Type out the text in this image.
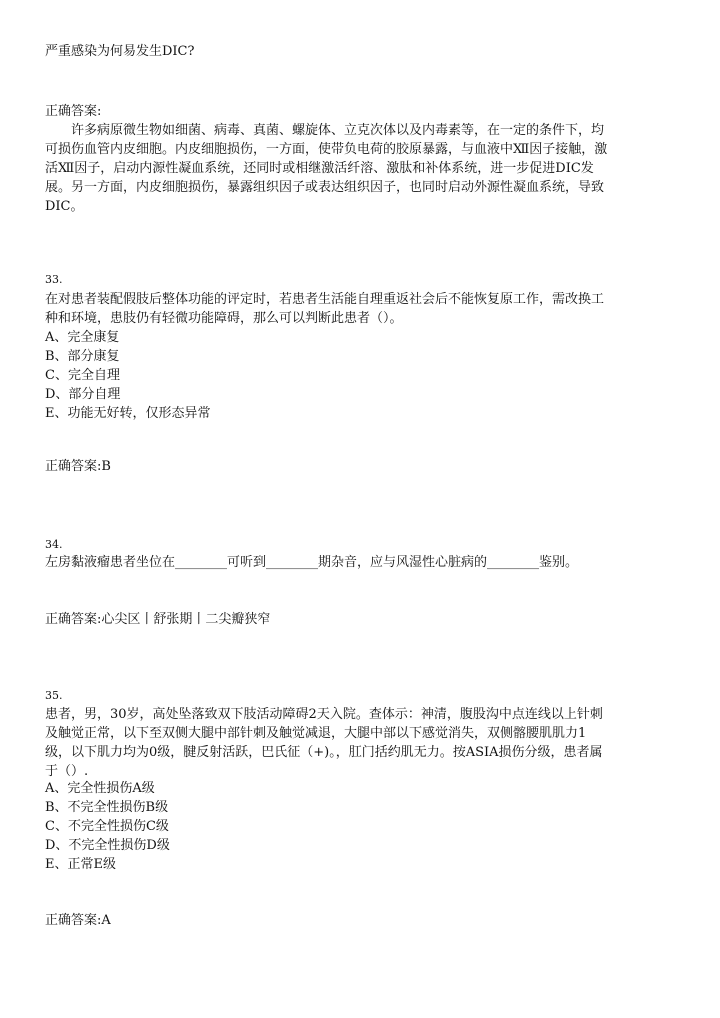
严重感染为何易发生DIC?

正确答案:

许多病原微生物如细菌、病毒、真菌、螺旋体、立克次体以及内毒素等，在一定的条件下，均
可损伤血管内皮细胞。内皮细胞损伤，一方面，使带负电荷的胶原暴露，与血液中Ⅻ因子接触，激
活Ⅻ因子，启动内源性凝血系统，还同时或相继激活纤溶、激肽和补体系统，进一步促进DIC发
展。另一方面，内皮细胞损伤，暴露组织因子或表达组织因子，也同时启动外源性凝血系统，导致
DIC。

33.

在对患者装配假肢后整体功能的评定时，若患者生活能自理重返社会后不能恢复原工作，需改换工
种和环境，患肢仍有轻微功能障碍，那么可以判断此患者（）。
A、完全康复
B、部分康复
C、完全自理
D、部分自理
E、功能无好转，仅形态异常

正确答案:B

34.

左房黏液瘤患者坐位在________可听到________期杂音，应与风湿性心脏病的________鉴别。

正确答案:心尖区丨舒张期丨二尖瓣狭窄

35.

患者，男，30岁，高处坠落致双下肢活动障碍2天入院。查体示：神清，腹股沟中点连线以上针刺
及触觉正常，以下至双侧大腿中部针刺及触觉减退，大腿中部以下感觉消失，双侧髂腰肌肌力1
级，以下肌力均为0级，腱反射活跃，巴氏征（+)。，肛门括约肌无力。按ASIA损伤分级，患者属
于（）.
A、完全性损伤A级
B、不完全性损伤B级
C、不完全性损伤C级
D、不完全性损伤D级
E、正常E级

正确答案:A
